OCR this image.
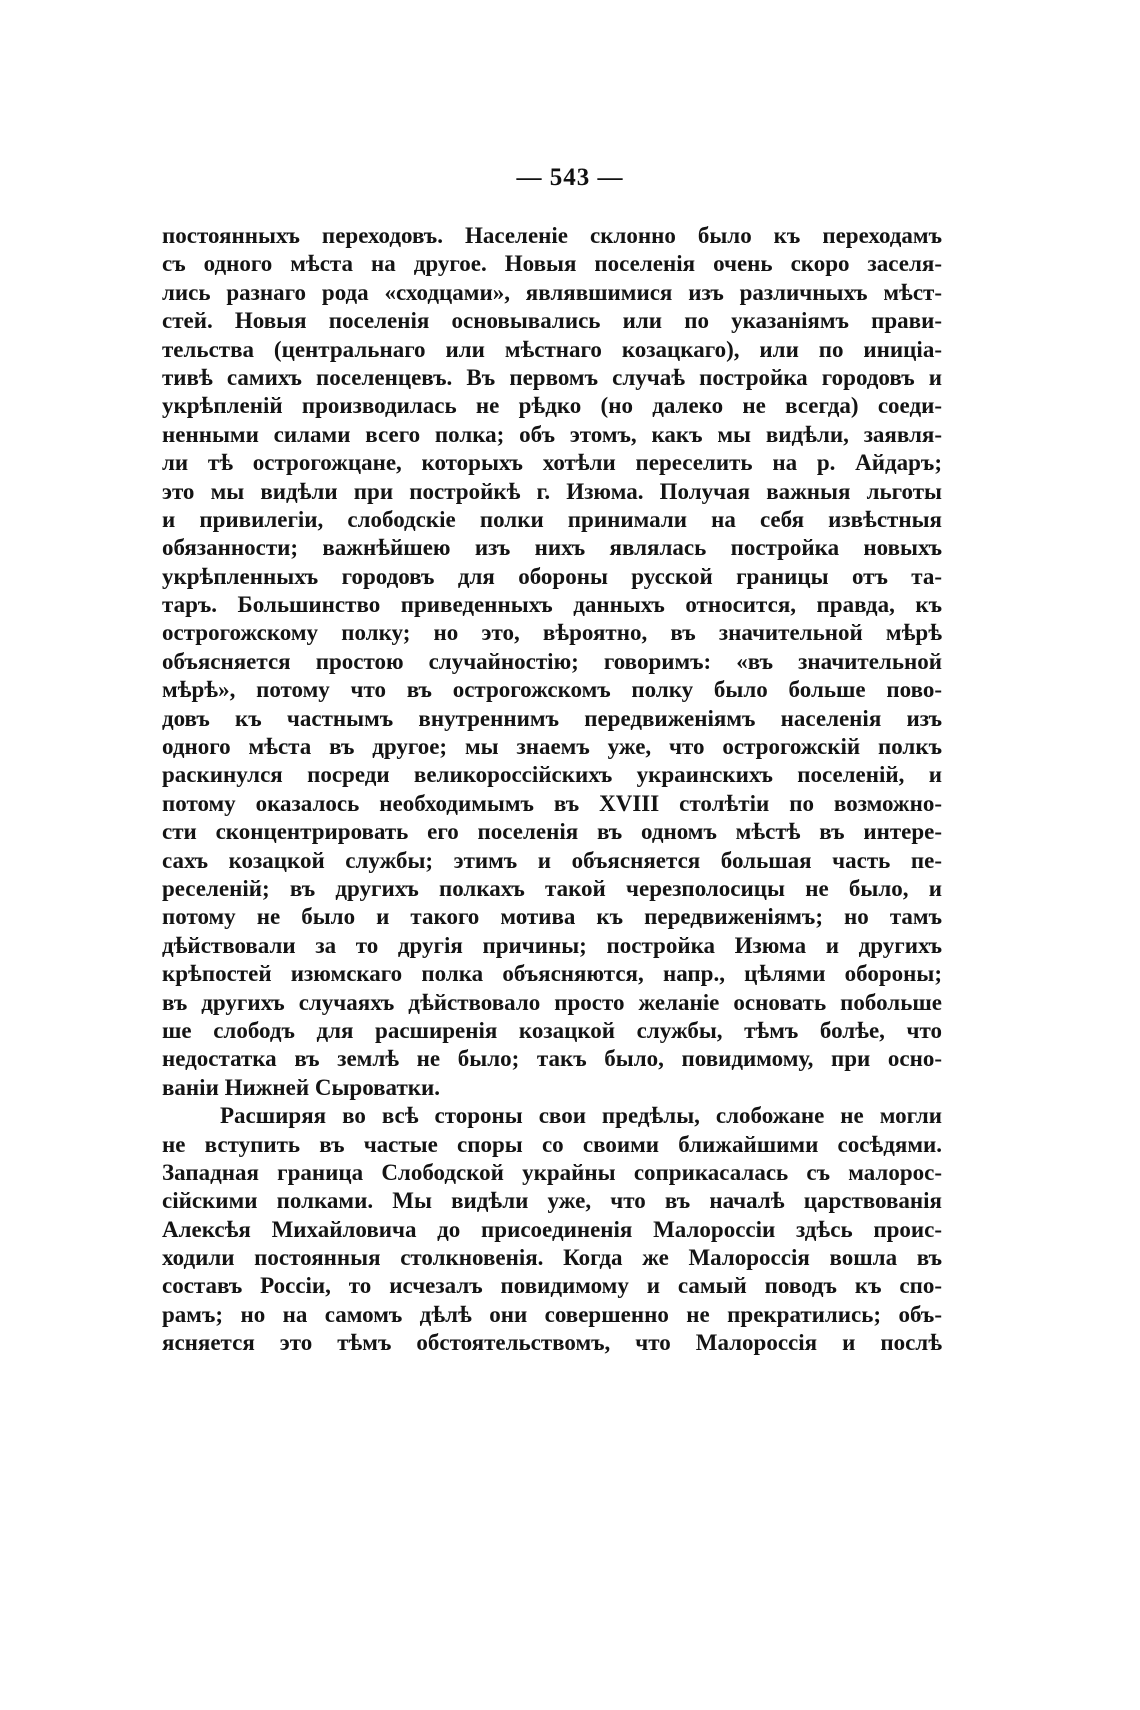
— 543 —
постоянныхъ переходовъ. Населеніе склонно было къ переходамъ
съ одного мѣста на другое. Новыя поселенія очень скоро заселя-
лись разнаго рода «сходцами», являвшимися изъ различныхъ мѣст-
стей. Новыя поселенія основывались или по указаніямъ прави-
тельства (центральнаго или мѣстнаго козацкаго), или по иниціа-
тивѣ самихъ поселенцевъ. Въ первомъ случаѣ постройка городовъ и
укрѣпленій производилась не рѣдко (но далеко не всегда) соеди-
ненными силами всего полка; объ этомъ, какъ мы видѣли, заявля-
ли тѣ острогожцане, которыхъ хотѣли переселить на р. Айдаръ;
это мы видѣли при постройкѣ г. Изюма. Получая важныя льготы
и привилегіи, слободскіе полки принимали на себя извѣстныя
обязанности; важнѣйшею изъ нихъ являлась постройка новыхъ
укрѣпленныхъ городовъ для обороны русской границы отъ та-
таръ. Большинство приведенныхъ данныхъ относится, правда, къ
острогожскому полку; но это, вѣроятно, въ значительной мѣрѣ
объясняется простою случайностію; говоримъ: «въ значительной
мѣрѣ», потому что въ острогожскомъ полку было больше пово-
довъ къ частнымъ внутреннимъ передвиженіямъ населенія изъ
одного мѣста въ другое; мы знаемъ уже, что острогожскій полкъ
раскинулся посреди великороссійскихъ украинскихъ поселеній, и
потому оказалось необходимымъ въ XVIII столѣтіи по возможно-
сти сконцентрировать его поселенія въ одномъ мѣстѣ въ интере-
сахъ козацкой службы; этимъ и объясняется большая часть пе-
реселеній; въ другихъ полкахъ такой черезполосицы не было, и
потому не было и такого мотива къ передвиженіямъ; но тамъ
дѣйствовали за то другія причины; постройка Изюма и другихъ
крѣпостей изюмскаго полка объясняются, напр., цѣлями обороны;
въ другихъ случаяхъ дѣйствовало просто желаніе основать побольше
ше слободъ для расширенія козацкой службы, тѣмъ болѣе, что
недостатка въ землѣ не было; такъ было, повидимому, при осно-
ваніи Нижней Сыроватки.
Расширяя во всѣ стороны свои предѣлы, слобожане не могли
не вступить въ частые споры со своими ближайшими сосѣдями.
Западная граница Слободской украйны соприкасалась съ малорос-
сійскими полками. Мы видѣли уже, что въ началѣ царствованія
Алексѣя Михайловича до присоединенія Малороссіи здѣсь проис-
ходили постоянныя столкновенія. Когда же Малороссія вошла въ
составъ Россіи, то исчезалъ повидимому и самый поводъ къ спо-
рамъ; но на самомъ дѣлѣ они совершенно не прекратились; объ-
ясняется это тѣмъ обстоятельствомъ, что Малороссія и послѣ
